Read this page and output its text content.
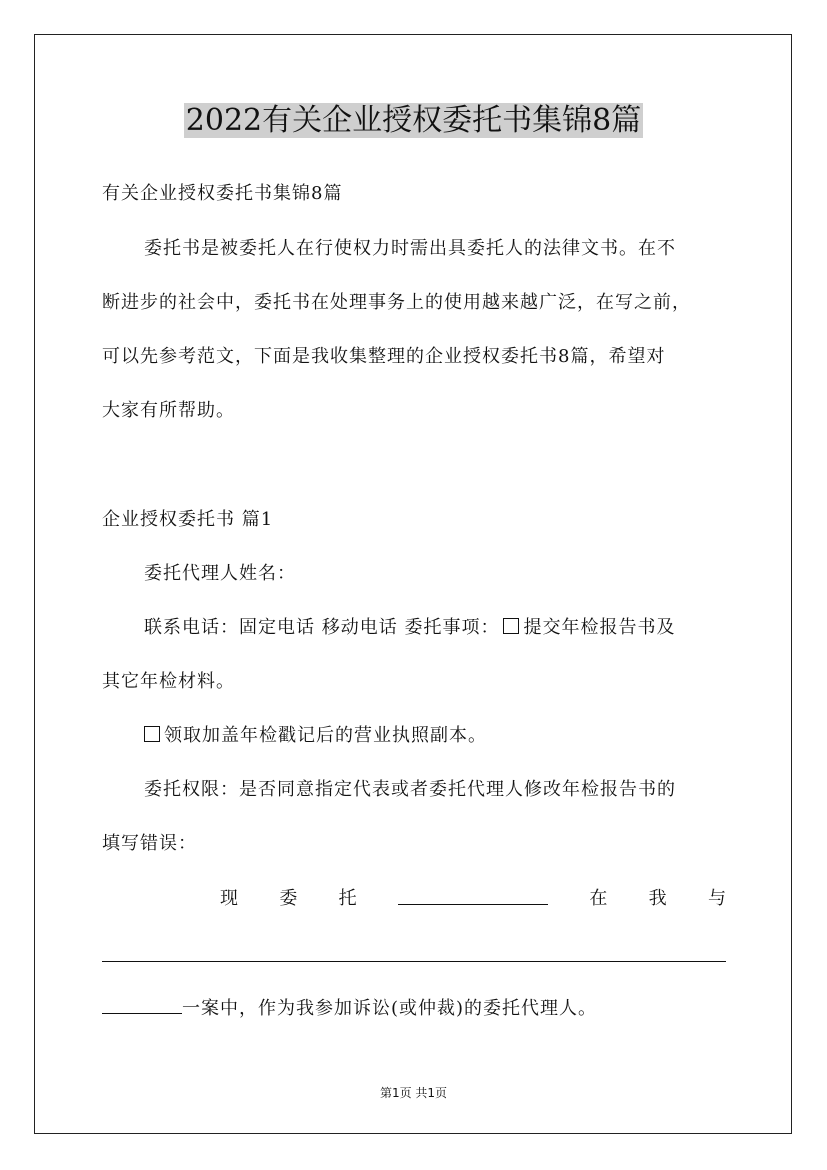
2022有关企业授权委托书集锦8篇
有关企业授权委托书集锦8篇
委托书是被委托人在行使权力时需出具委托人的法律文书。在不
断进步的社会中，委托书在处理事务上的使用越来越广泛，在写之前，
可以先参考范文，下面是我收集整理的企业授权委托书8篇，希望对
大家有所帮助。
企业授权委托书 篇1
委托代理人姓名：
联系电话：固定电话 移动电话 委托事项： 提交年检报告书及
其它年检材料。
领取加盖年检戳记后的营业执照副本。
委托权限：是否同意指定代表或者委托代理人修改年检报告书的
填写错误：
现 委 托	在 我 与
一案中，作为我参加诉讼(或仲裁)的委托代理人。
第1页 共1页
